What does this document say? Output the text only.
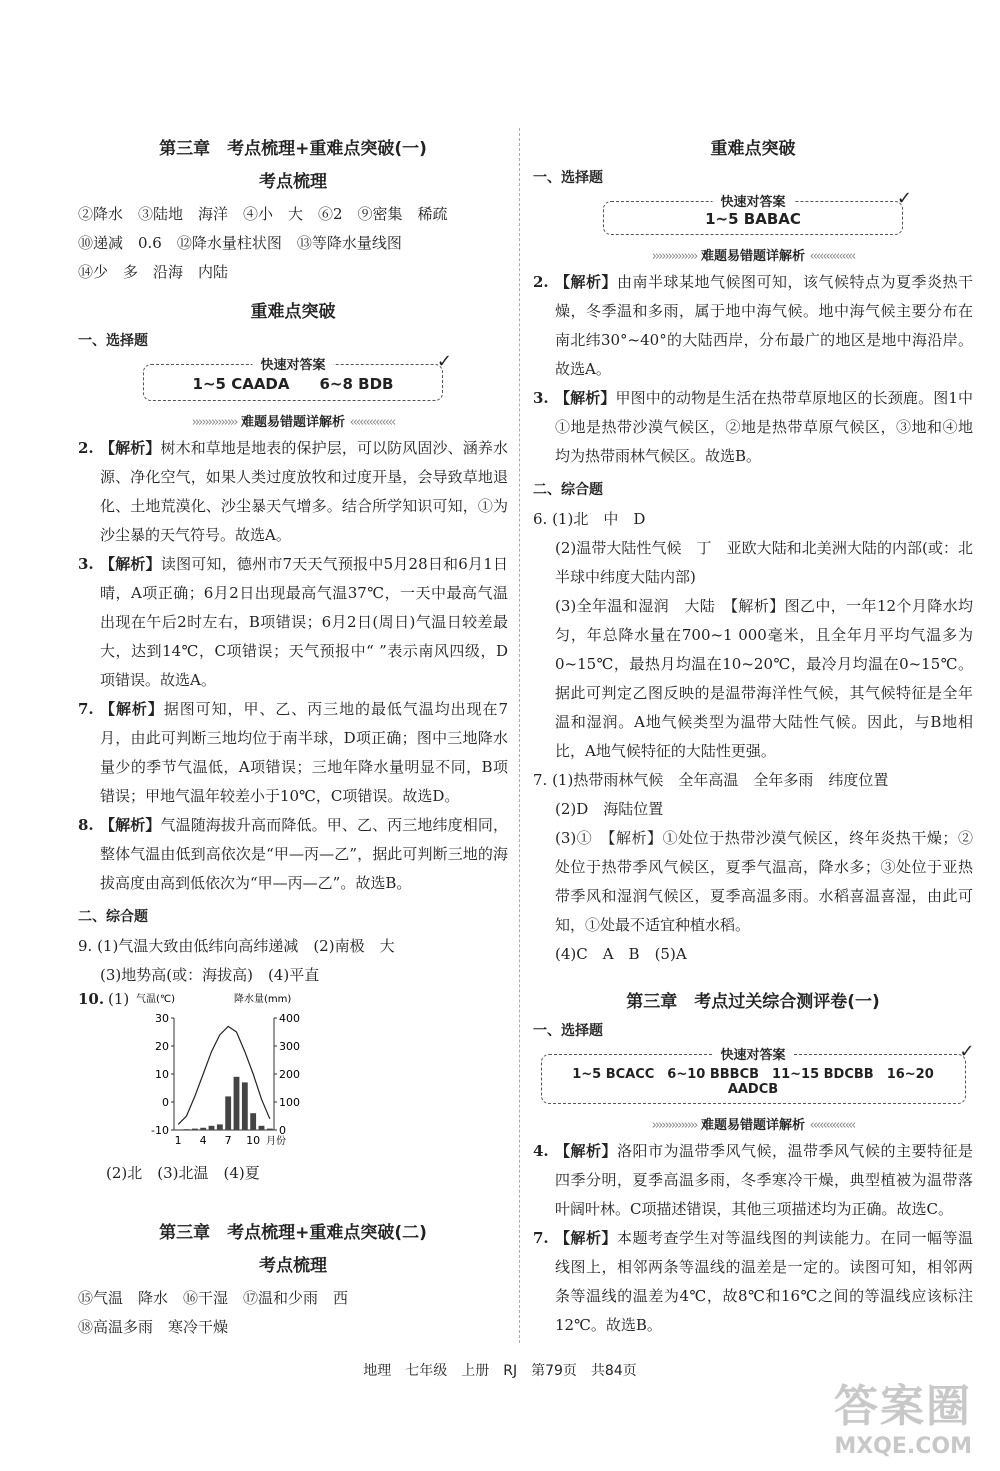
第三章　考点梳理+重难点突破(一)
考点梳理
②降水　③陆地　海洋　④小　大　⑥2　⑨密集　稀疏
⑩递减　0.6　⑫降水量柱状图　⑬等降水量线图
⑭少　多　沿海　内陆
重难点突破
一、选择题
快速对答案	✓
1~5 CAADA　　6~8 BDB
›››››››››››››› 难题易错题详解析 ‹‹‹‹‹‹‹‹‹‹‹‹‹‹
2. 【解析】树木和草地是地表的保护层，可以防风固沙、涵养水源、净化空气，如果人类过度放牧和过度开垦，会导致草地退化、土地荒漠化、沙尘暴天气增多。结合所学知识可知，①为沙尘暴的天气符号。故选A。
3. 【解析】读图可知，德州市7天天气预报中5月28日和6月1日晴，A项正确；6月2日出现最高气温37℃，一天中最高气温出现在午后2时左右，B项错误；6月2日(周日)气温日较差最大，达到14℃，C项错误；天气预报中“ ”表示南风四级，D项错误。故选A。
7. 【解析】据图可知，甲、乙、丙三地的最低气温均出现在7月，由此可判断三地均位于南半球，D项正确；图中三地降水量少的季节气温低，A项错误；三地年降水量明显不同，B项错误；甲地气温年较差小于10℃，C项错误。故选D。
8. 【解析】气温随海拔升高而降低。甲、乙、丙三地纬度相同，整体气温由低到高依次是“甲—丙—乙”，据此可判断三地的海拔高度由高到低依次为“甲—丙—乙”。故选B。
二、综合题
9. (1)气温大致由低纬向高纬递减　(2)南极　大
(3)地势高(或：海拔高)　(4)平直
10. (1) 气温(℃)	降水量(mm)
30
20
10
0
-10
400
300
200
100
0
1 4 7 10 月份
(2)北　(3)北温　(4)夏
第三章　考点梳理+重难点突破(二)
考点梳理
⑮气温　降水　⑯干湿　⑰温和少雨　西
⑱高温多雨　寒冷干燥
重难点突破
一、选择题
快速对答案	✓
1~5 BABAC
›››››››››››››› 难题易错题详解析 ‹‹‹‹‹‹‹‹‹‹‹‹‹‹
2. 【解析】由南半球某地气候图可知，该气候特点为夏季炎热干燥，冬季温和多雨，属于地中海气候。地中海气候主要分布在南北纬30°~40°的大陆西岸，分布最广的地区是地中海沿岸。故选A。
3. 【解析】甲图中的动物是生活在热带草原地区的长颈鹿。图1中①地是热带沙漠气候区，②地是热带草原气候区，③地和④地均为热带雨林气候区。故选B。
二、综合题
6. (1)北　中　D
(2)温带大陆性气候　丁　亚欧大陆和北美洲大陆的内部(或：北半球中纬度大陆内部)
(3)全年温和湿润　大陆　【解析】图乙中，一年12个月降水均匀，年总降水量在700~1 000毫米，且全年月平均气温多为0~15℃，最热月均温在10~20℃，最冷月均温在0~15℃。据此可判定乙图反映的是温带海洋性气候，其气候特征是全年温和湿润。A地气候类型为温带大陆性气候。因此，与B地相比，A地气候特征的大陆性更强。
7. (1)热带雨林气候　全年高温　全年多雨　纬度位置
(2)D　海陆位置
(3)①　【解析】①处位于热带沙漠气候区，终年炎热干燥；②处位于热带季风气候区，夏季气温高，降水多；③处位于亚热带季风和湿润气候区，夏季高温多雨。水稻喜温喜湿，由此可知，①处最不适宜种植水稻。
(4)C　A　B　(5)A
第三章　考点过关综合测评卷(一)
一、选择题
快速对答案	✓
1~5 BCACC　6~10 BBBCB　11~15 BDCBB　16~20 AADCB
›››››››››››››› 难题易错题详解析 ‹‹‹‹‹‹‹‹‹‹‹‹‹‹
4. 【解析】洛阳市为温带季风气候，温带季风气候的主要特征是四季分明，夏季高温多雨，冬季寒冷干燥，典型植被为温带落叶阔叶林。C项描述错误，其他三项描述均为正确。故选C。
7. 【解析】本题考查学生对等温线图的判读能力。在同一幅等温线图上，相邻两条等温线的温差是一定的。读图可知，相邻两条等温线的温差为4℃，故8℃和16℃之间的等温线应该标注12℃。故选B。
地理　七年级　上册　RJ　第79页　共84页
答案圈
MXQE.COM
